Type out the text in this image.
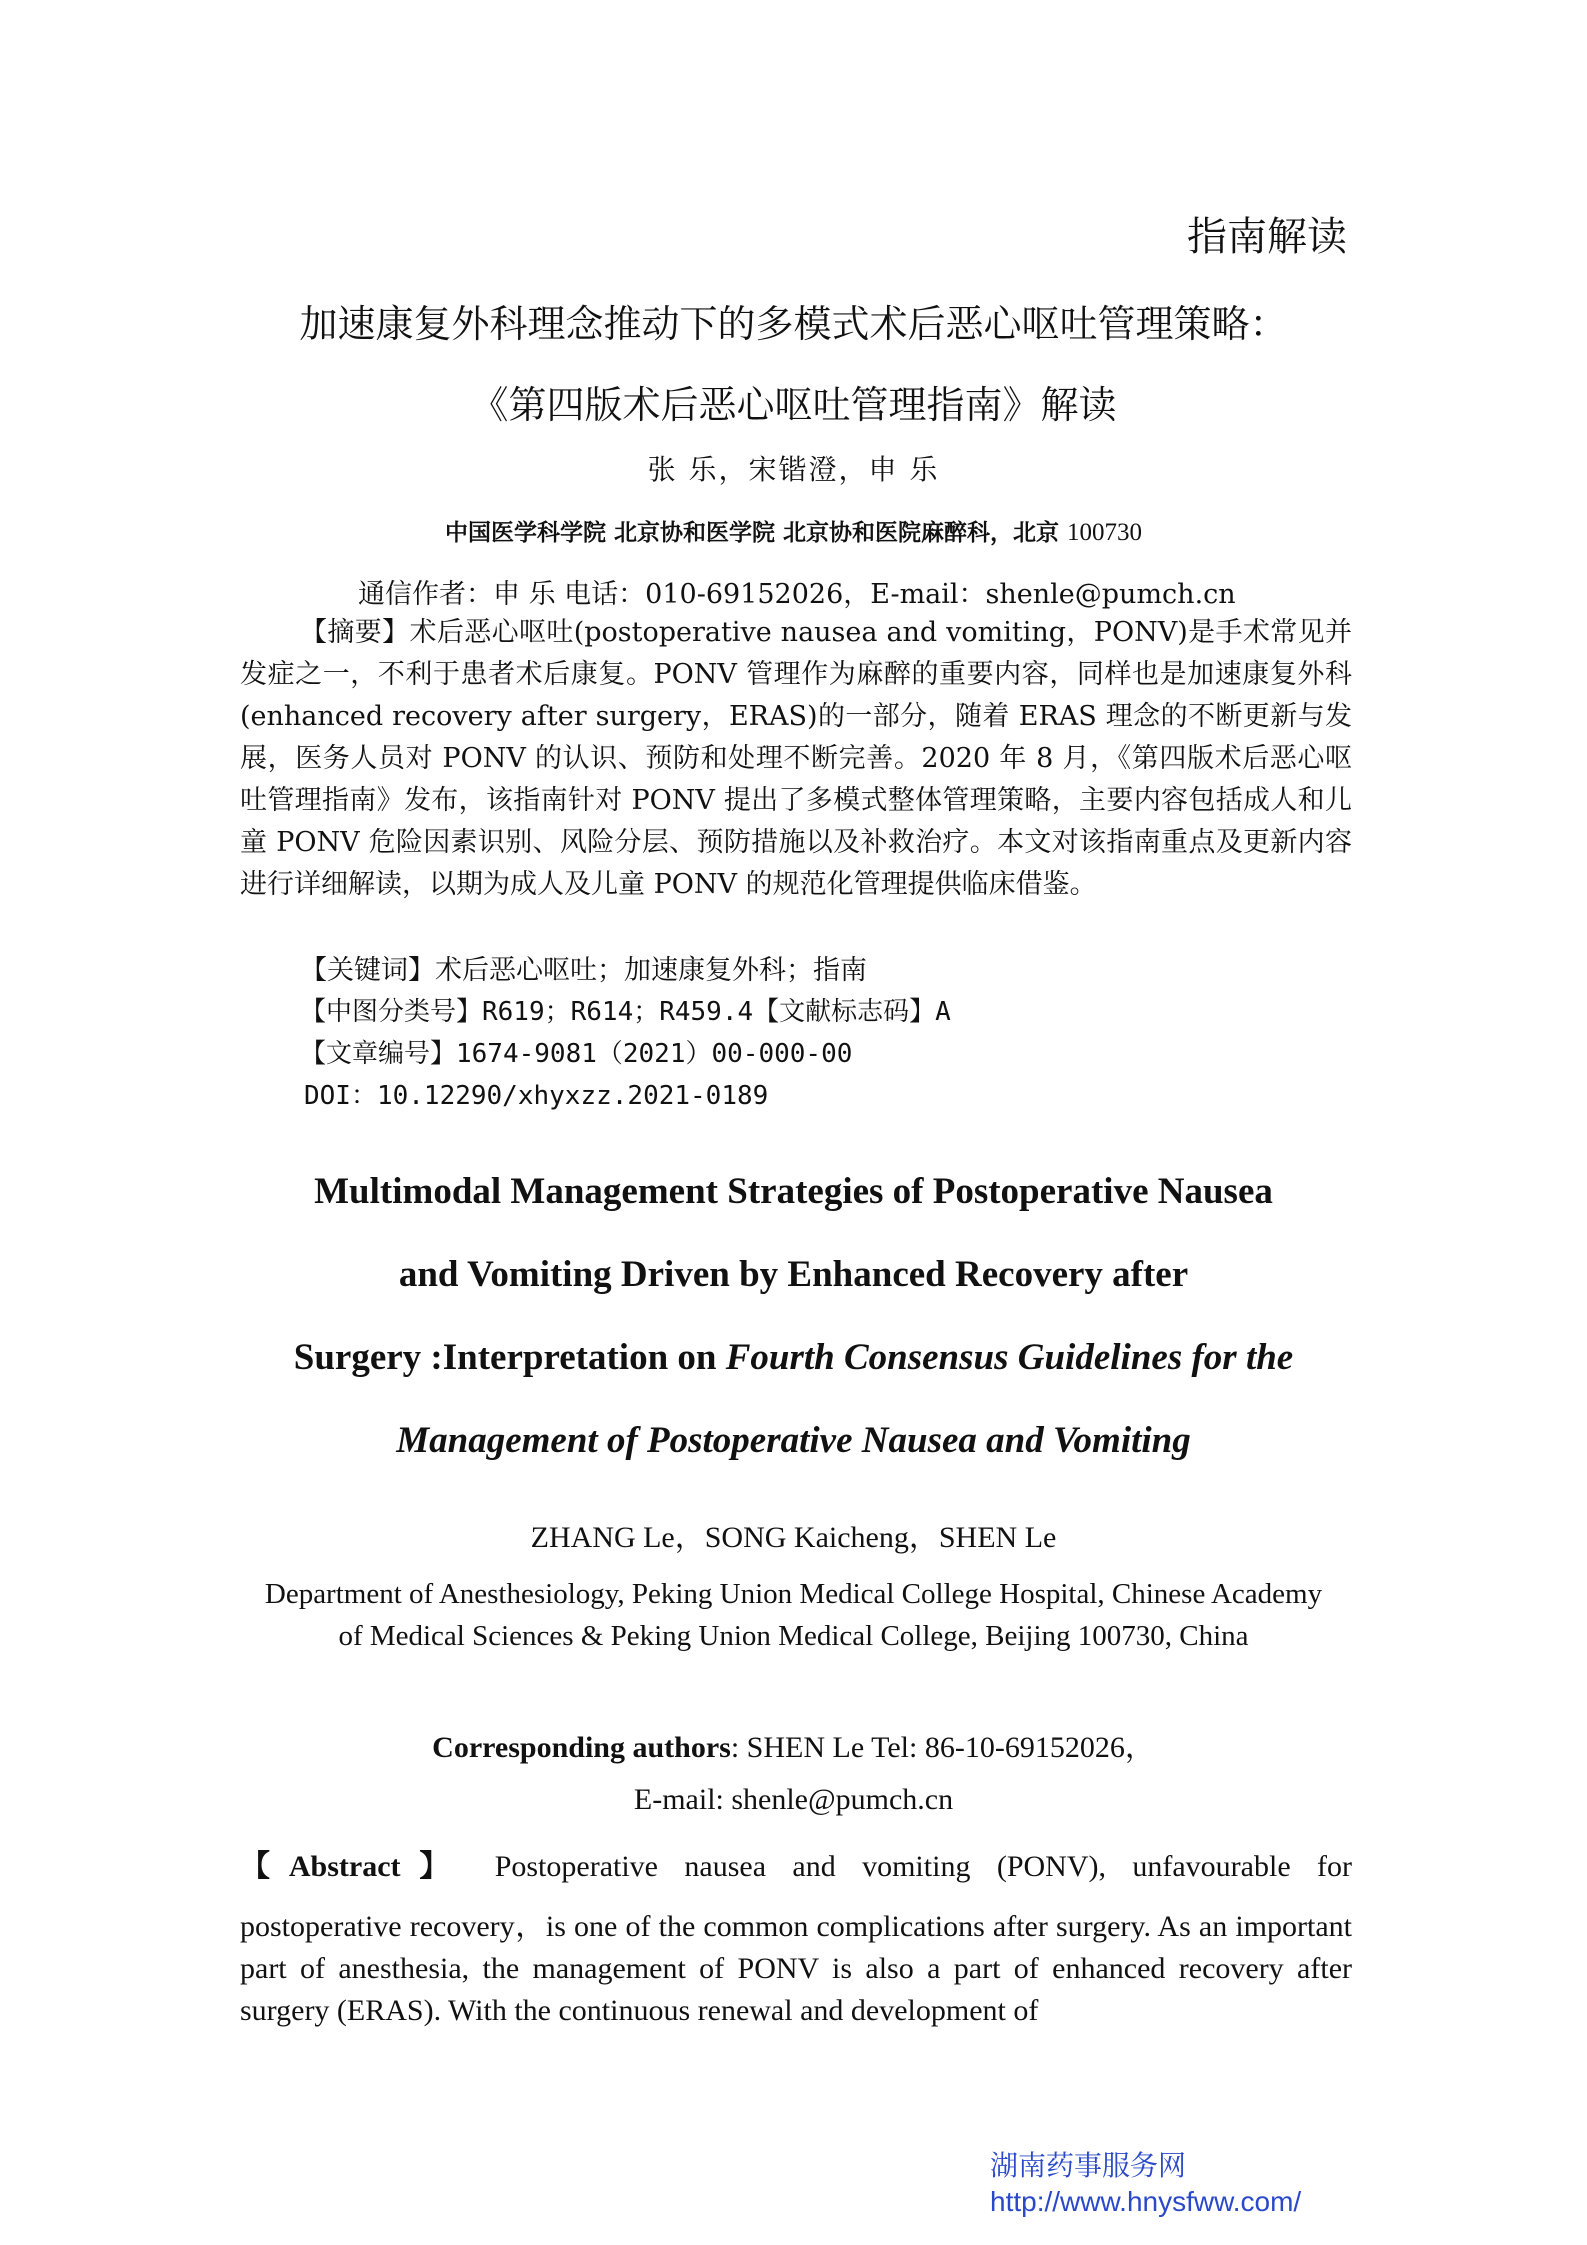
指南解读
加速康复外科理念推动下的多模式术后恶心呕吐管理策略：
《第四版术后恶心呕吐管理指南》解读
张 乐，宋锴澄，申 乐
中国医学科学院 北京协和医学院 北京协和医院麻醉科，北京 100730
通信作者：申 乐 电话：010-69152026，E-mail：shenle@pumch.cn

【摘要】术后恶心呕吐(postoperative nausea and vomiting，PONV)是手术常见并发症之一，不利于患者术后康复。PONV 管理作为麻醉的重要内容，同样也是加速康复外科(enhanced recovery after surgery，ERAS)的一部分，随着 ERAS 理念的不断更新与发展，医务人员对 PONV 的认识、预防和处理不断完善。2020 年 8 月，《第四版术后恶心呕吐管理指南》发布，该指南针对 PONV 提出了多模式整体管理策略，主要内容包括成人和儿童 PONV 危险因素识别、风险分层、预防措施以及补救治疗。本文对该指南重点及更新内容进行详细解读，以期为成人及儿童 PONV 的规范化管理提供临床借鉴。

【关键词】术后恶心呕吐；加速康复外科；指南
【中图分类号】R619；R614；R459.4【文献标志码】A
【文章编号】1674-9081（2021）00-000-00
DOI：10.12290/xhyxzz.2021-0189
Multimodal Management Strategies of Postoperative Nausea
and Vomiting Driven by Enhanced Recovery after
Surgery :Interpretation on Fourth Consensus Guidelines for the
Management of Postoperative Nausea and Vomiting
ZHANG Le，SONG Kaicheng，SHEN Le
Department of Anesthesiology, Peking Union Medical College Hospital, Chinese Academy of Medical Sciences & Peking Union Medical College, Beijing 100730, China
Corresponding authors: SHEN Le Tel: 86-10-69152026，
E-mail: shenle@pumch.cn
【Abstract】 Postoperative nausea and vomiting (PONV), unfavourable for
postoperative recovery，is one of the common complications after surgery. As an important part of anesthesia, the management of PONV is also a part of enhanced recovery after surgery (ERAS). With the continuous renewal and development of
湖南药事服务网
http://www.hnysfww.com/
